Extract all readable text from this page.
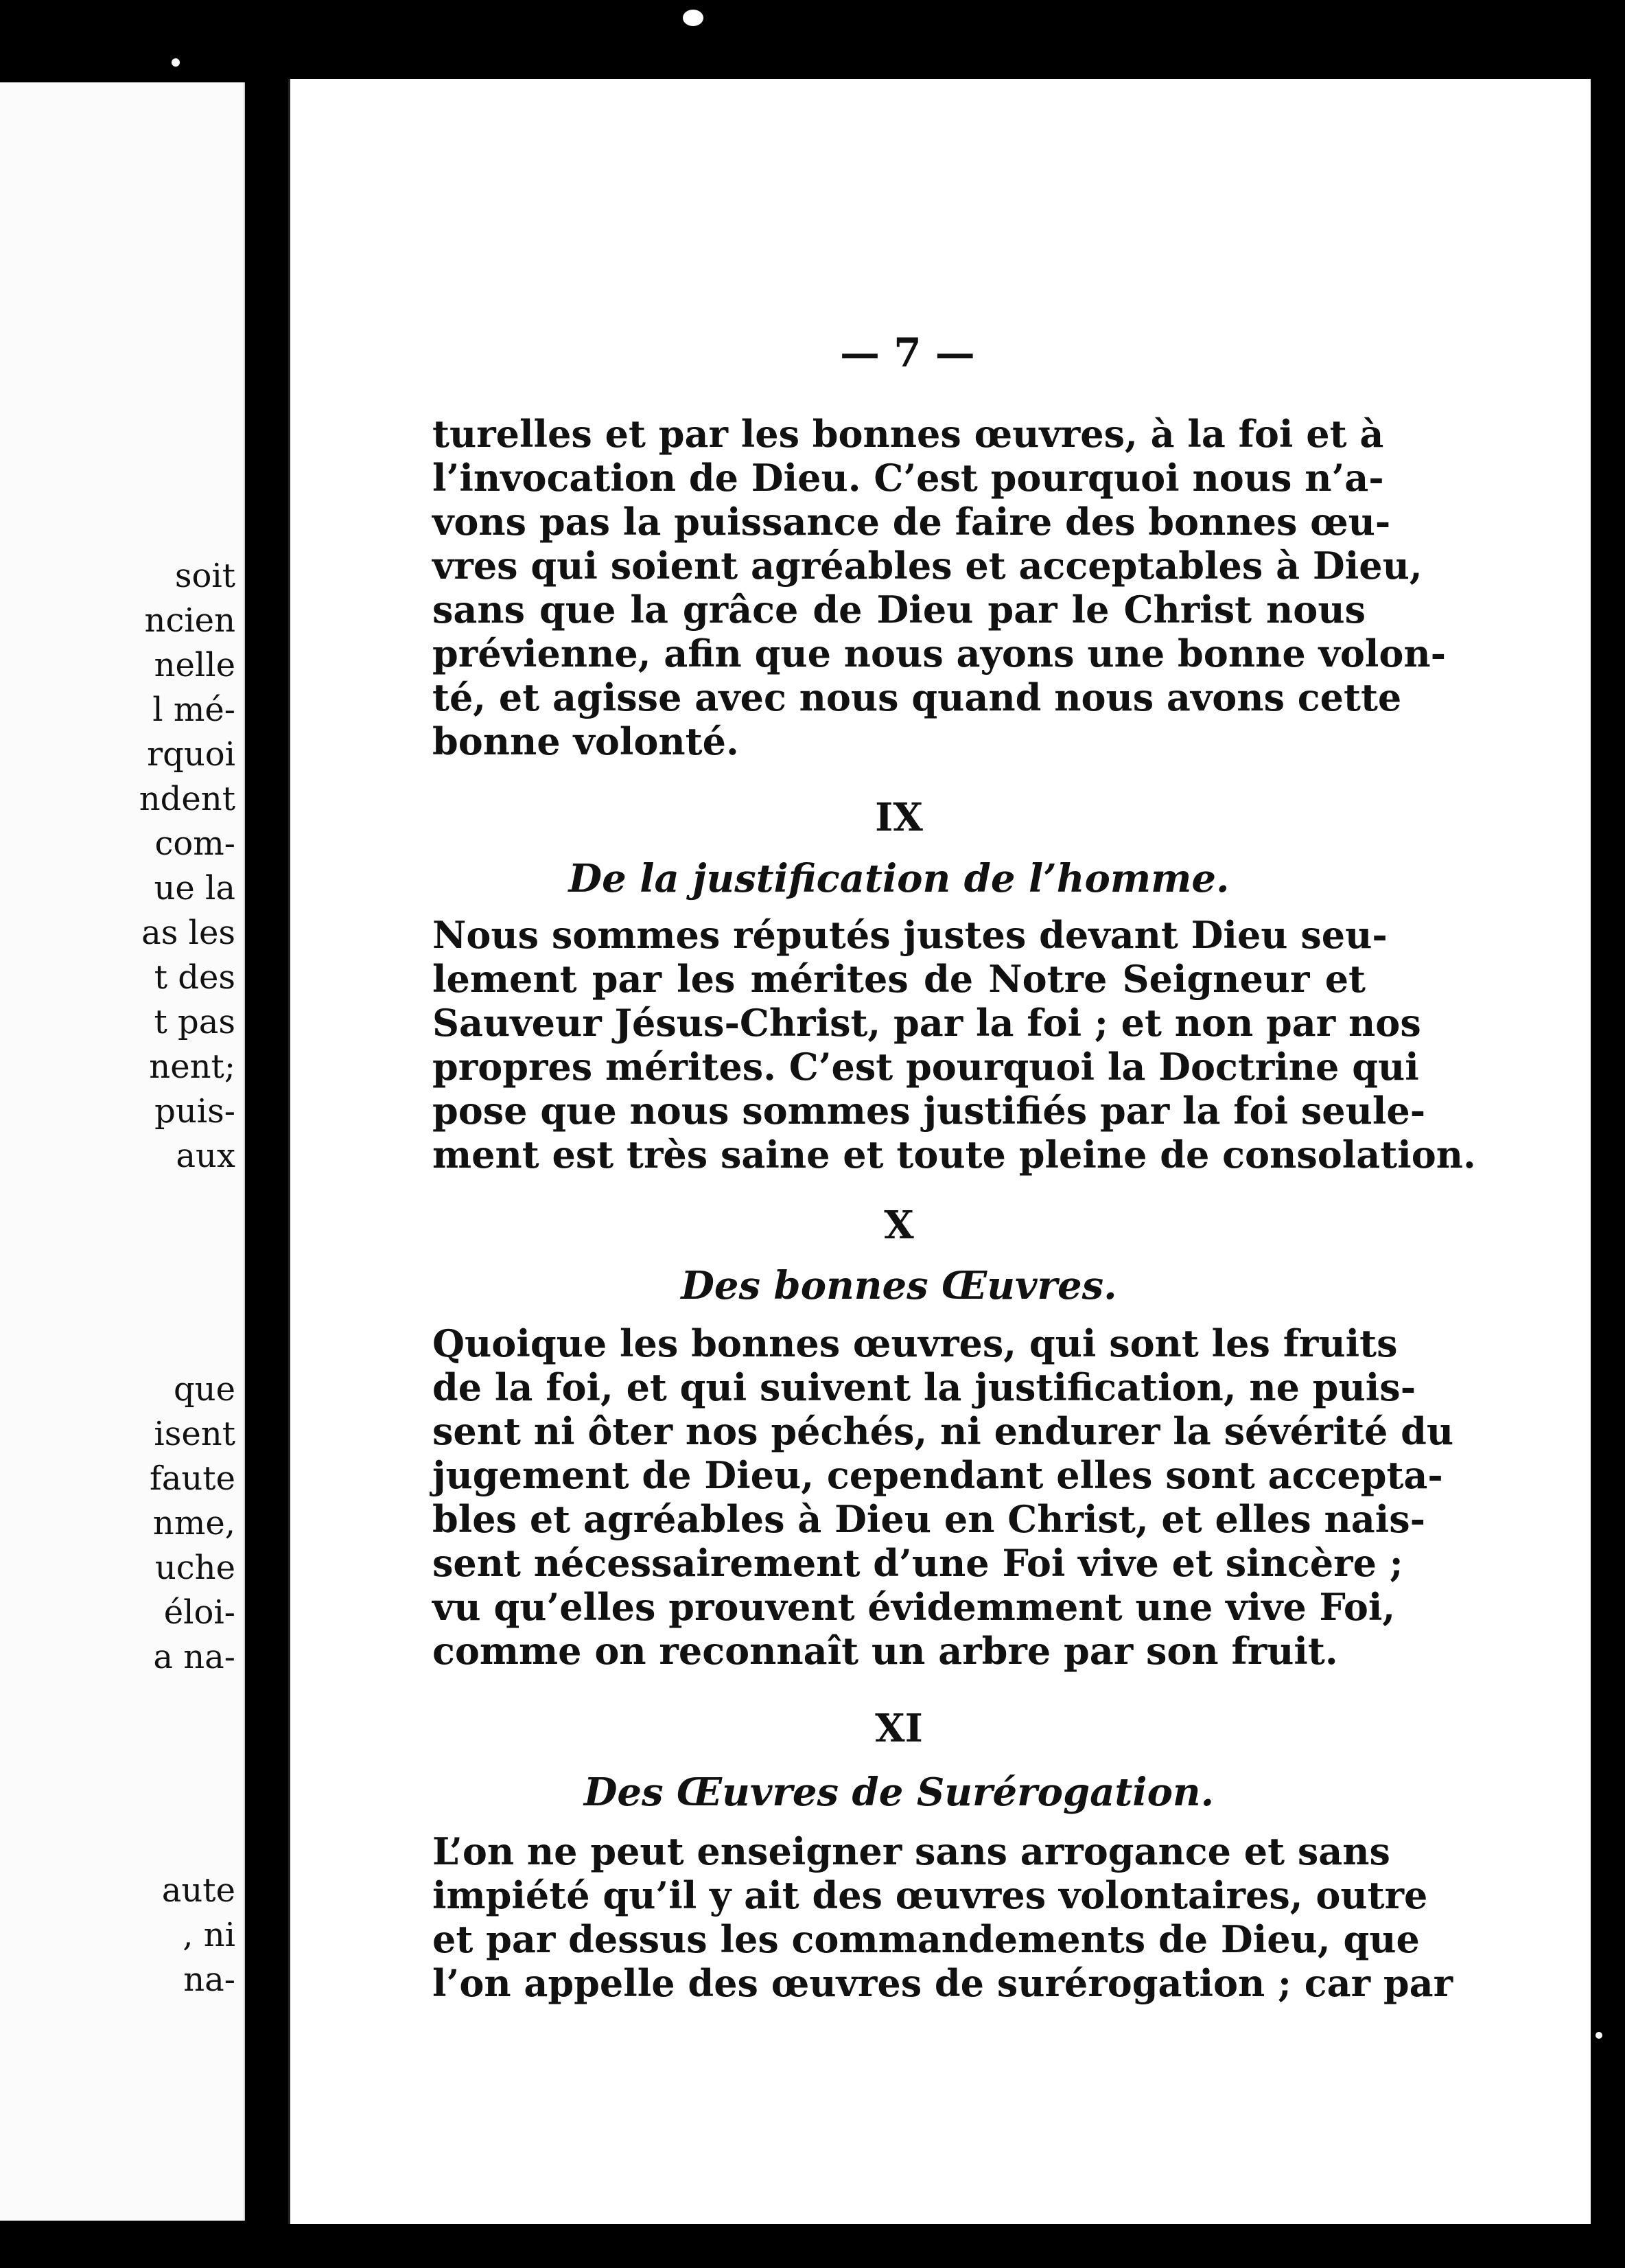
soit
ncien
nelle
l mé-
rquoi
ndent
com-
ue la
as les
t des
t pas
nent;
puis-
aux
que
isent
faute
nme,
uche
éloi-
a na-
aute
, ni
na-
— 7 —
turelles et par les bonnes œuvres, à la foi et à
l’invocation de Dieu. C’est pourquoi nous n’a-
vons pas la puissance de faire des bonnes œu-
vres qui soient agréables et acceptables à Dieu,
sans que la grâce de Dieu par le Christ nous
prévienne, afin que nous ayons une bonne volon-
té, et agisse avec nous quand nous avons cette
bonne volonté.
IX
De la justification de l’homme.
Nous sommes réputés justes devant Dieu seu-
lement par les mérites de Notre Seigneur et
Sauveur Jésus-Christ, par la foi ; et non par nos
propres mérites. C’est pourquoi la Doctrine qui
pose que nous sommes justifiés par la foi seule-
ment est très saine et toute pleine de consolation.
X
Des bonnes Œuvres.
Quoique les bonnes œuvres, qui sont les fruits
de la foi, et qui suivent la justification, ne puis-
sent ni ôter nos péchés, ni endurer la sévérité du
jugement de Dieu, cependant elles sont accepta-
bles et agréables à Dieu en Christ, et elles nais-
sent nécessairement d’une Foi vive et sincère ;
vu qu’elles prouvent évidemment une vive Foi,
comme on reconnaît un arbre par son fruit.
XI
Des Œuvres de Surérogation.
L’on ne peut enseigner sans arrogance et sans
impiété qu’il y ait des œuvres volontaires, outre
et par dessus les commandements de Dieu, que
l’on appelle des œuvres de surérogation ; car par
